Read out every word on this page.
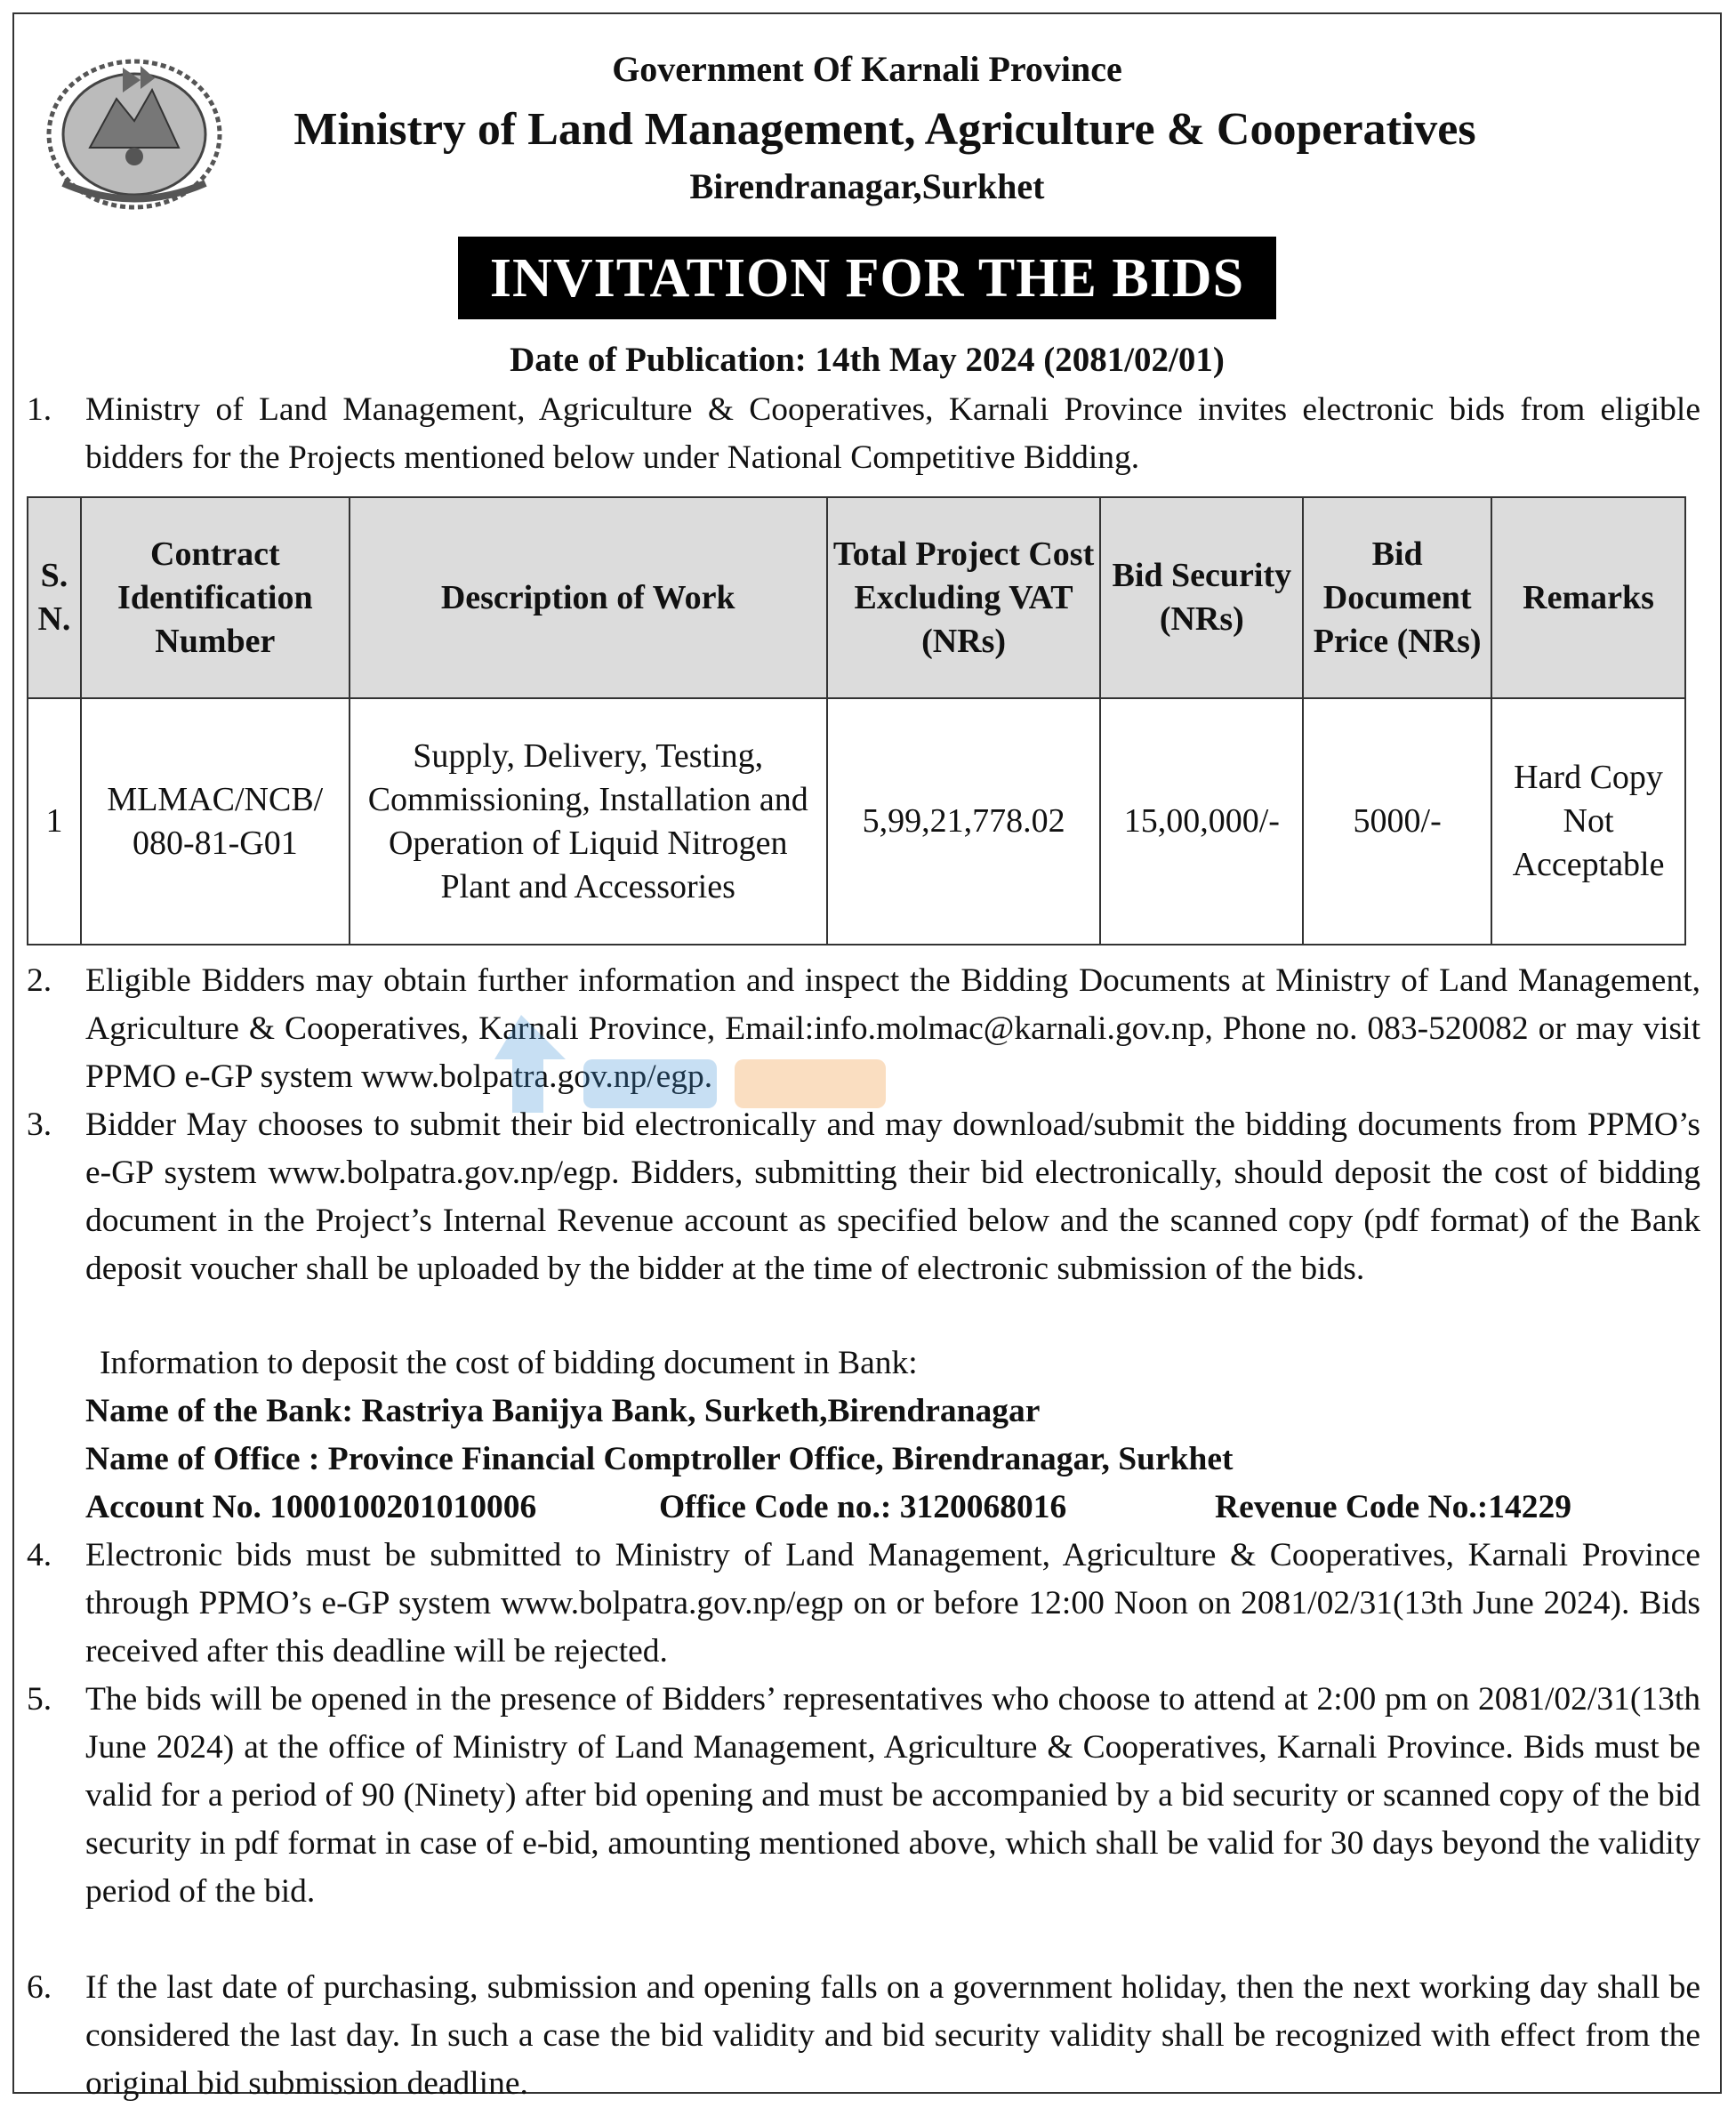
Government Of Karnali Province
Ministry of Land Management, Agriculture & Cooperatives
Birendranagar,Surkhet
INVITATION FOR THE BIDS
Date of Publication: 14th May 2024 (2081/02/01)
1.	Ministry of Land Management, Agriculture & Cooperatives, Karnali Province invites electronic bids from eligible bidders for the Projects mentioned below under National Competitive Bidding.
S. N.	Contract Identification Number	Description of Work	Total Project Cost Excluding VAT (NRs)	Bid Security (NRs)	Bid Document Price (NRs)	Remarks
1	MLMAC/NCB/ 080-81-G01	Supply, Delivery, Testing, Commissioning, Installation and Operation of Liquid Nitrogen Plant and Accessories	5,99,21,778.02	15,00,000/-	5000/-	Hard Copy Not Acceptable
2.	Eligible Bidders may obtain further information and inspect the Bidding Documents at Ministry of Land Management, Agriculture & Cooperatives, Karnali Province, Email:info.molmac@karnali.gov.np, Phone no. 083-520082 or may visit PPMO e-GP system www.bolpatra.gov.np/egp.
3.	Bidder May chooses to submit their bid electronically and may download/submit the bidding documents from PPMO’s e-GP system www.bolpatra.gov.np/egp. Bidders, submitting their bid electronically, should deposit the cost of bidding document in the Project’s Internal Revenue account as specified below and the scanned copy (pdf format) of the Bank deposit voucher shall be uploaded by the bidder at the time of electronic submission of the bids.
Information to deposit the cost of bidding document in Bank:
Name of the Bank: Rastriya Banijya Bank, Surketh,Birendranagar
Name of Office : Province Financial Comptroller Office, Birendranagar, Surkhet
Account No. 1000100201010006	Office Code no.: 3120068016	Revenue Code No.:14229
4.	Electronic bids must be submitted to Ministry of Land Management, Agriculture & Cooperatives, Karnali Province through PPMO’s e-GP system www.bolpatra.gov.np/egp on or before 12:00 Noon on 2081/02/31(13th June 2024). Bids received after this deadline will be rejected.
5.	The bids will be opened in the presence of Bidders’ representatives who choose to attend at 2:00 pm on 2081/02/31(13th June 2024) at the office of Ministry of Land Management, Agriculture & Cooperatives, Karnali Province. Bids must be valid for a period of 90 (Ninety) after bid opening and must be accompanied by a bid security or scanned copy of the bid security in pdf format in case of e-bid, amounting mentioned above, which shall be valid for 30 days beyond the validity period of the bid.
6.	If the last date of purchasing, submission and opening falls on a government holiday, then the next working day shall be considered the last day. In such a case the bid validity and bid security validity shall be recognized with effect from the original bid submission deadline.
